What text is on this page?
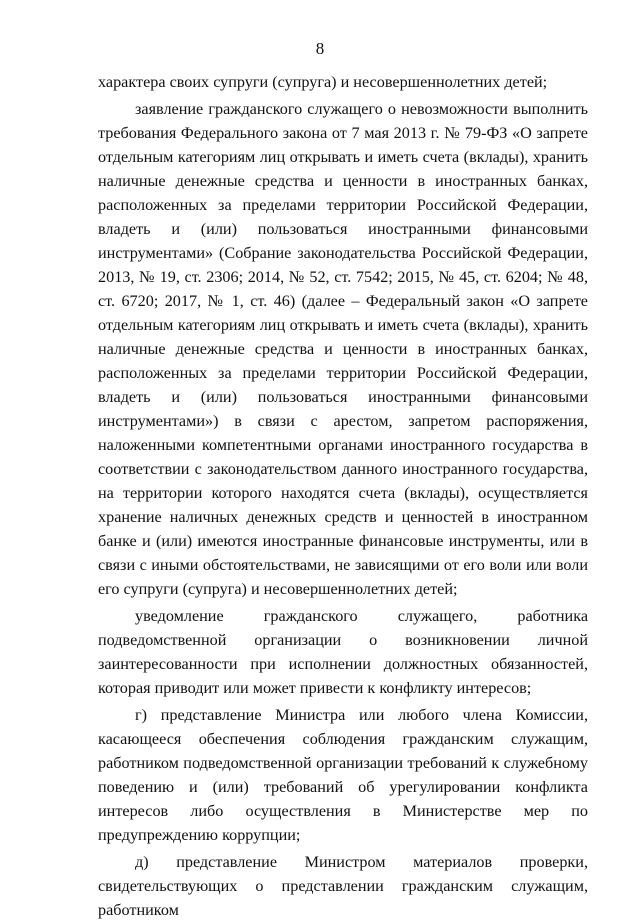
8

характера своих супруги (супруга) и несовершеннолетних детей;

заявление гражданского служащего о невозможности выполнить требования Федерального закона от 7 мая 2013 г. № 79-ФЗ «О запрете отдельным категориям лиц открывать и иметь счета (вклады), хранить наличные денежные средства и ценности в иностранных банках, расположенных за пределами территории Российской Федерации, владеть и (или) пользоваться иностранными финансовыми инструментами» (Собрание законодательства Российской Федерации, 2013, № 19, ст. 2306; 2014, № 52, ст. 7542; 2015, № 45, ст. 6204; № 48, ст. 6720; 2017, № 1, ст. 46) (далее – Федеральный закон «О запрете отдельным категориям лиц открывать и иметь счета (вклады), хранить наличные денежные средства и ценности в иностранных банках, расположенных за пределами территории Российской Федерации, владеть и (или) пользоваться иностранными финансовыми инструментами») в связи с арестом, запретом распоряжения, наложенными компетентными органами иностранного государства в соответствии с законодательством данного иностранного государства, на территории которого находятся счета (вклады), осуществляется хранение наличных денежных средств и ценностей в иностранном банке и (или) имеются иностранные финансовые инструменты, или в связи с иными обстоятельствами, не зависящими от его воли или воли его супруги (супруга) и несовершеннолетних детей;

уведомление гражданского служащего, работника подведомственной организации о возникновении личной заинтересованности при исполнении должностных обязанностей, которая приводит или может привести к конфликту интересов;

г) представление Министра или любого члена Комиссии, касающееся обеспечения соблюдения гражданским служащим, работником подведомственной организации требований к служебному поведению и (или) требований об урегулировании конфликта интересов либо осуществления в Министерстве мер по предупреждению коррупции;

д) представление Министром материалов проверки, свидетельствующих о представлении гражданским служащим, работником
